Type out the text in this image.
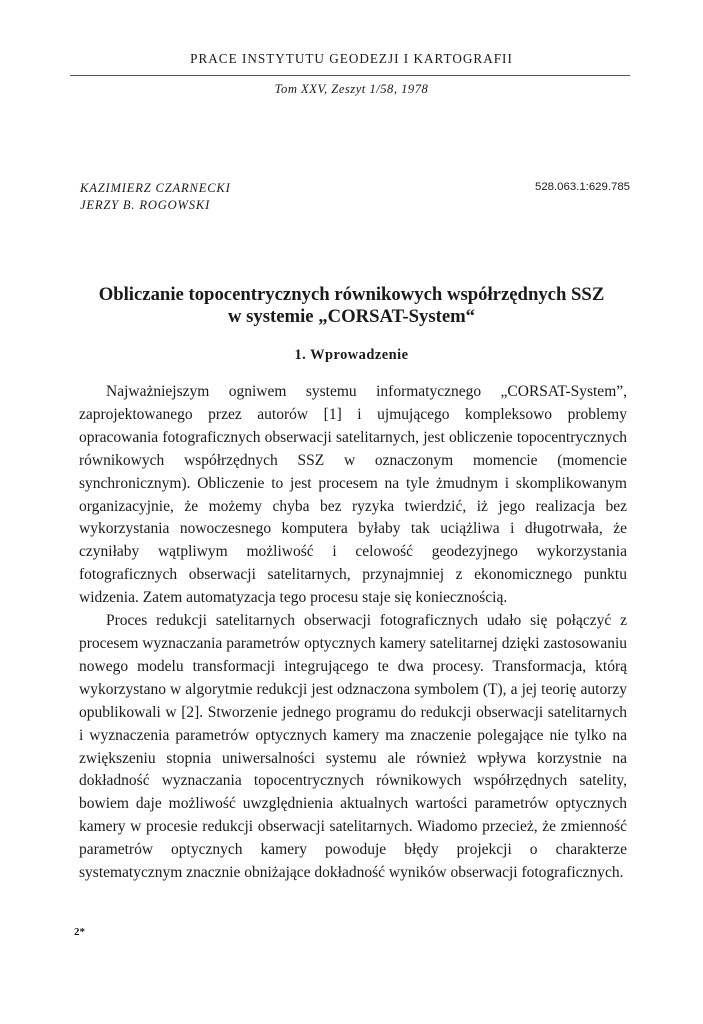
PRACE INSTYTUTU GEODEZJI I KARTOGRAFII
Tom XXV, Zeszyt 1/58, 1978
KAZIMIERZ CZARNECKI
JERZY B. ROGOWSKI
528.063.1:629.785
Obliczanie topocentrycznych równikowych współrzędnych SSZ
w systemie „CORSAT-System“
1. Wprowadzenie

Najważniejszym ogniwem systemu informatycznego „CORSAT-System”, zaprojektowanego przez autorów [1] i ujmującego kompleksowo problemy opracowania fotograficznych obserwacji satelitarnych, jest obliczenie topocentrycznych równikowych współrzędnych SSZ w oznaczonym momencie (momencie synchronicznym). Obliczenie to jest procesem na tyle żmudnym i skomplikowanym organizacyjnie, że możemy chyba bez ryzyka twierdzić, iż jego realizacja bez wykorzystania nowoczesnego komputera byłaby tak uciążliwa i długotrwała, że czyniłaby wątpliwym możliwość i celowość geodezyjnego wykorzystania fotograficznych obserwacji satelitarnych, przynajmniej z ekonomicznego punktu widzenia. Zatem automatyzacja tego procesu staje się koniecznością.

Proces redukcji satelitarnych obserwacji fotograficznych udało się połączyć z procesem wyznaczania parametrów optycznych kamery satelitarnej dzięki zastosowaniu nowego modelu transformacji integrującego te dwa procesy. Transformacja, którą wykorzystano w algorytmie redukcji jest odznaczona symbolem (T), a jej teorię autorzy opublikowali w [2]. Stworzenie jednego programu do redukcji obserwacji satelitarnych i wyznaczenia parametrów optycznych kamery ma znaczenie polegające nie tylko na zwiększeniu stopnia uniwersalności systemu ale również wpływa korzystnie na dokładność wyznaczania topocentrycznych równikowych współrzędnych satelity, bowiem daje możliwość uwzględnienia aktualnych wartości parametrów optycznych kamery w procesie redukcji obserwacji satelitarnych. Wiadomo przecież, że zmienność parametrów optycznych kamery powoduje błędy projekcji o charakterze systematycznym znacznie obniżające dokładność wyników obserwacji fotograficznych.

2*
